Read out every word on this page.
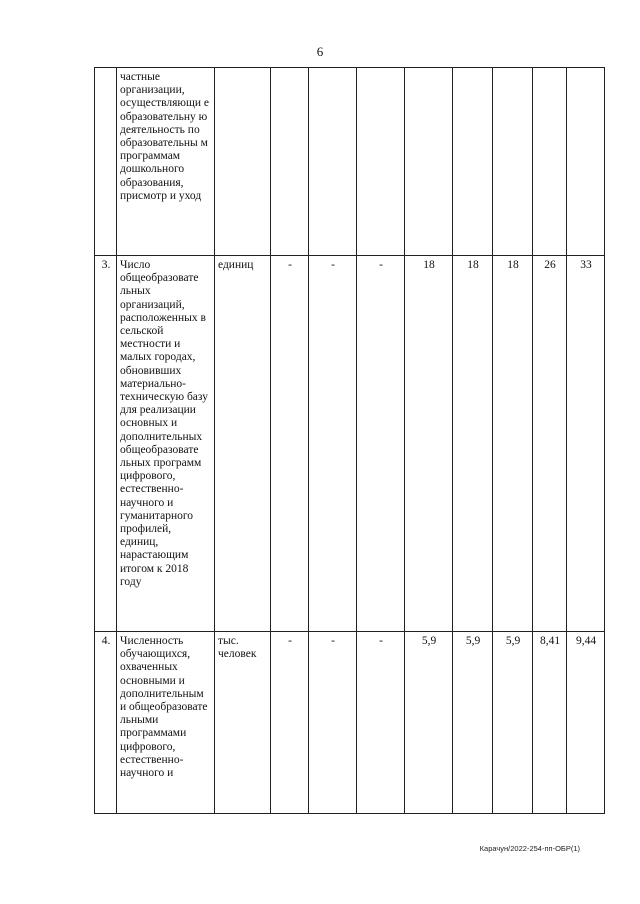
6
	частные организации, осуществляющи е образовательну ю деятельность по образовательны м программам дошкольного образования, присмотр и уход									
3.	Число общеобразовате льных организаций, расположенных в сельской местности и малых городах, обновивших материально-техническую базу для реализации основных и дополнительных общеобразовате льных программ цифрового, естественно-научного и гуманитарного профилей, единиц, нарастающим итогом к 2018 году	единиц	-	-	-	18	18	18	26	33
4.	Численность обучающихся, охваченных основными и дополнительным и общеобразовате льными программами цифрового, естественно-научного и	тыс. человек	-	-	-	5,9	5,9	5,9	8,41	9,44
Карачун/2022-254-пп-ОБР(1)
